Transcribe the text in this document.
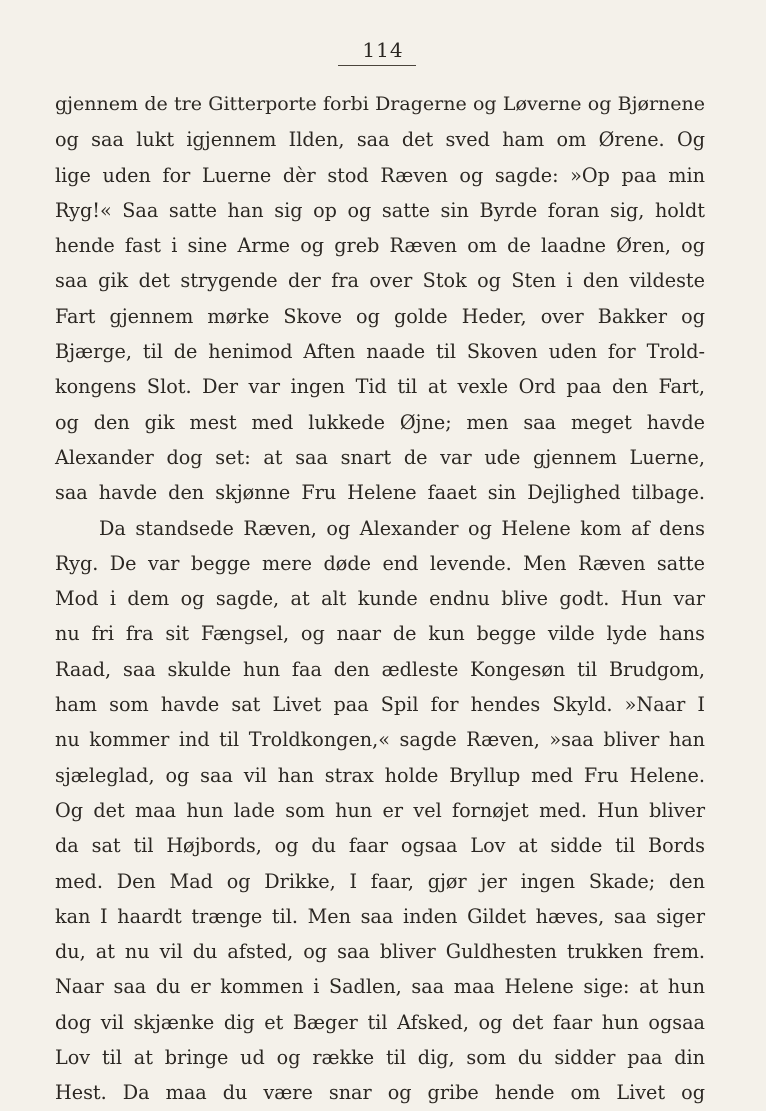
114
gjennem de tre Gitterporte forbi Dragerne og Løverne og Bjørnene
og saa lukt igjennem Ilden, saa det sved ham om Ørene. Og
lige uden for Luerne dèr stod Ræven og sagde: »Op paa min
Ryg!« Saa satte han sig op og satte sin Byrde foran sig, holdt
hende fast i sine Arme og greb Ræven om de laadne Øren, og
saa gik det strygende der fra over Stok og Sten i den vildeste
Fart gjennem mørke Skove og golde Heder, over Bakker og
Bjærge, til de henimod Aften naade til Skoven uden for Trold-
kongens Slot. Der var ingen Tid til at vexle Ord paa den Fart,
og den gik mest med lukkede Øjne; men saa meget havde
Alexander dog set: at saa snart de var ude gjennem Luerne,
saa havde den skjønne Fru Helene faaet sin Dejlighed tilbage.
Da standsede Ræven, og Alexander og Helene kom af dens
Ryg. De var begge mere døde end levende. Men Ræven satte
Mod i dem og sagde, at alt kunde endnu blive godt. Hun var
nu fri fra sit Fængsel, og naar de kun begge vilde lyde hans
Raad, saa skulde hun faa den ædleste Kongesøn til Brudgom,
ham som havde sat Livet paa Spil for hendes Skyld. »Naar I
nu kommer ind til Troldkongen,« sagde Ræven, »saa bliver han
sjæleglad, og saa vil han strax holde Bryllup med Fru Helene.
Og det maa hun lade som hun er vel fornøjet med. Hun bliver
da sat til Højbords, og du faar ogsaa Lov at sidde til Bords
med. Den Mad og Drikke, I faar, gjør jer ingen Skade; den
kan I haardt trænge til. Men saa inden Gildet hæves, saa siger
du, at nu vil du afsted, og saa bliver Guldhesten trukken frem.
Naar saa du er kommen i Sadlen, saa maa Helene sige: at hun
dog vil skjænke dig et Bæger til Afsked, og det faar hun ogsaa
Lov til at bringe ud og række til dig, som du sidder paa din
Hest. Da maa du være snar og gribe hende om Livet og
